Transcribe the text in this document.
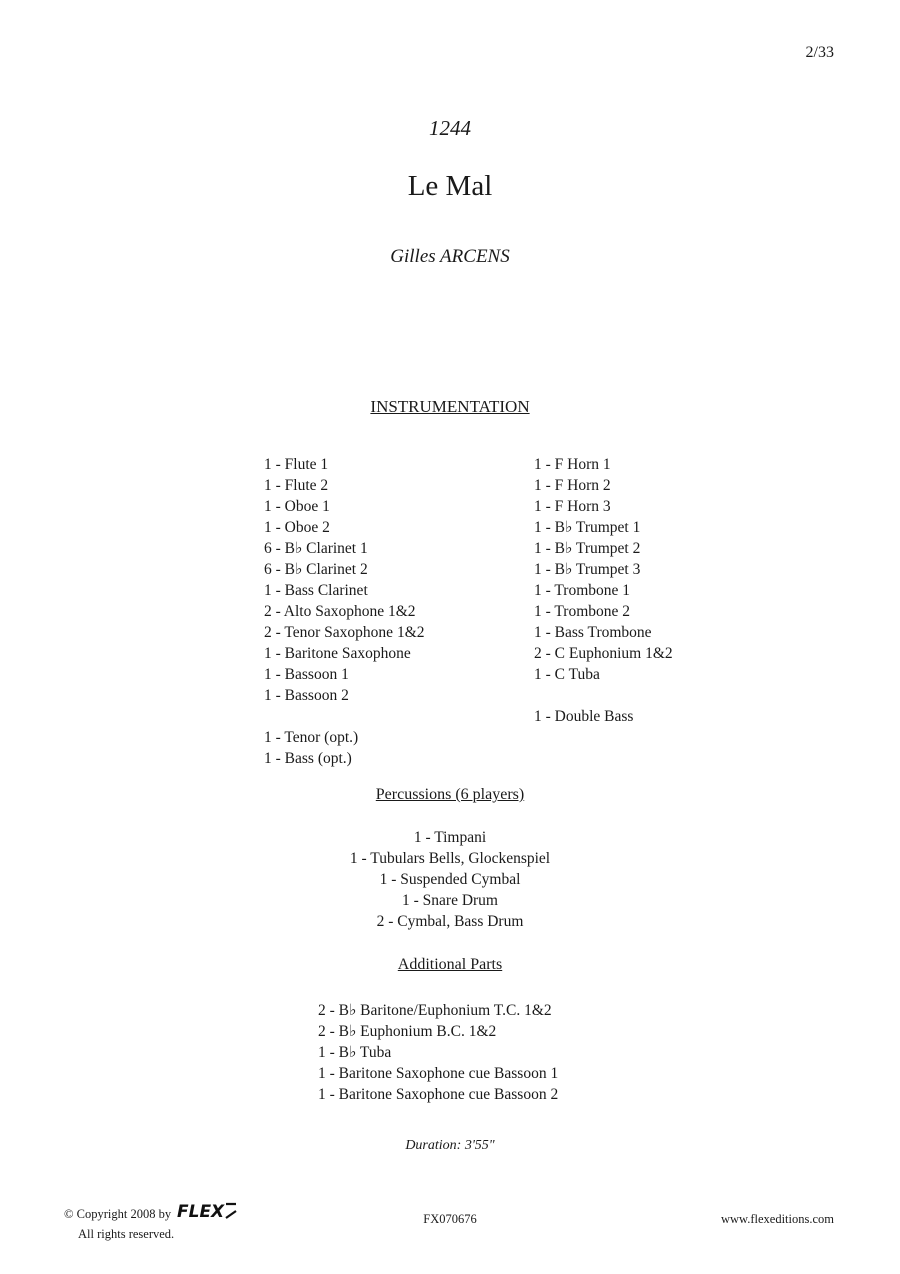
2/33
1244
Le Mal
Gilles ARCENS
INSTRUMENTATION
1 - Flute 1
1 - Flute 2
1 - Oboe 1
1 - Oboe 2
6 - B♭ Clarinet 1
6 - B♭ Clarinet 2
1 - Bass Clarinet
2 - Alto Saxophone 1&2
2 - Tenor Saxophone 1&2
1 - Baritone Saxophone
1 - Bassoon 1
1 - Bassoon 2
1 - Tenor (opt.)
1 - Bass (opt.)
1 - F Horn 1
1 - F Horn 2
1 - F Horn 3
1 - B♭ Trumpet 1
1 - B♭ Trumpet 2
1 - B♭ Trumpet 3
1 - Trombone 1
1 - Trombone 2
1 - Bass Trombone
2 - C Euphonium 1&2
1 - C Tuba
1 - Double Bass
Percussions (6 players)
1 - Timpani
1 - Tubulars Bells, Glockenspiel
1 - Suspended Cymbal
1 - Snare Drum
2 - Cymbal, Bass Drum
Additional Parts
2 - B♭ Baritone/Euphonium T.C. 1&2
2 - B♭ Euphonium B.C. 1&2
1 - B♭ Tuba
1 - Baritone Saxophone cue Bassoon 1
1 - Baritone Saxophone cue Bassoon 2
Duration: 3'55"
© Copyright 2008 by FLEX
All rights reserved.
FX070676	www.flexeditions.com
